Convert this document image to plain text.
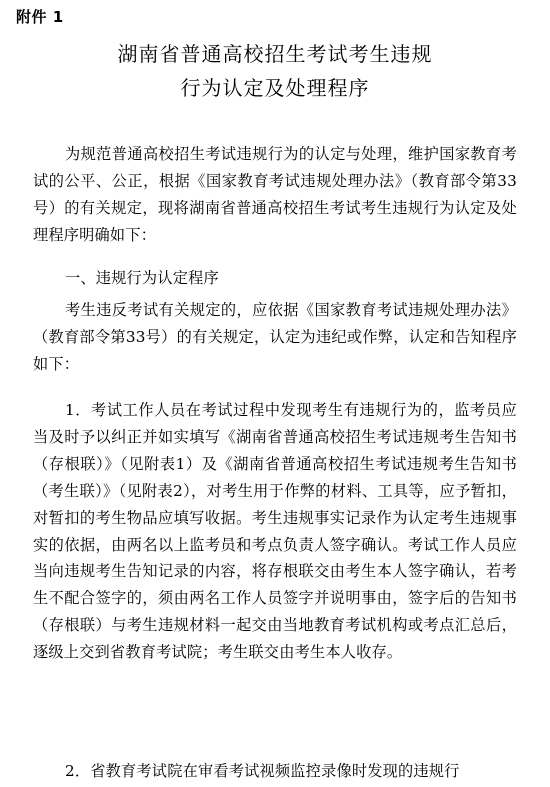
附件 1
湖南省普通高校招生考试考生违规
行为认定及处理程序
为规范普通高校招生考试违规行为的认定与处理，维护国家教育考试的公平、公正，根据《国家教育考试违规处理办法》（教育部令第33号）的有关规定，现将湖南省普通高校招生考试考生违规行为认定及处理程序明确如下：
一、违规行为认定程序
考生违反考试有关规定的，应依据《国家教育考试违规处理办法》（教育部令第33号）的有关规定，认定为违纪或作弊，认定和告知程序如下：
1．考试工作人员在考试过程中发现考生有违规行为的，监考员应当及时予以纠正并如实填写《湖南省普通高校招生考试违规考生告知书（存根联）》（见附表1）及《湖南省普通高校招生考试违规考生告知书（考生联）》（见附表2），对考生用于作弊的材料、工具等，应予暂扣，对暂扣的考生物品应填写收据。考生违规事实记录作为认定考生违规事实的依据，由两名以上监考员和考点负责人签字确认。考试工作人员应当向违规考生告知记录的内容，将存根联交由考生本人签字确认，若考生不配合签字的，须由两名工作人员签字并说明事由，签字后的告知书（存根联）与考生违规材料一起交由当地教育考试机构或考点汇总后，逐级上交到省教育考试院；考生联交由考生本人收存。
2．省教育考试院在审看考试视频监控录像时发现的违规行
